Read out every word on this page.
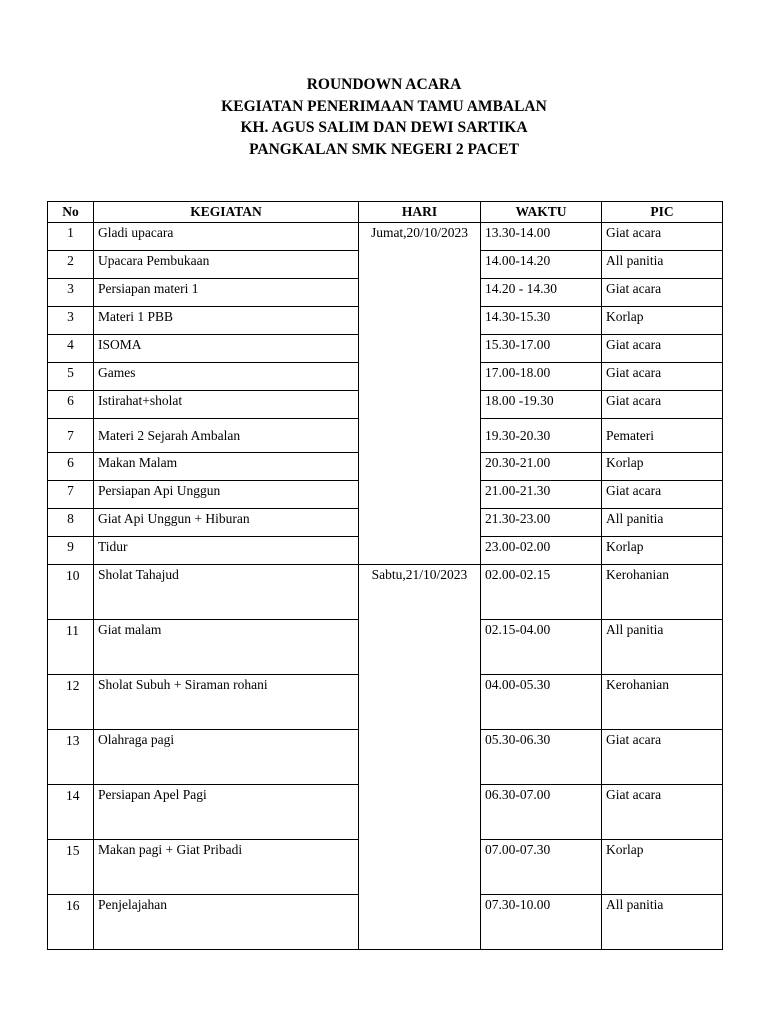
ROUNDOWN ACARA
KEGIATAN PENERIMAAN TAMU AMBALAN
KH. AGUS SALIM DAN DEWI SARTIKA
PANGKALAN SMK NEGERI 2 PACET
No	KEGIATAN	HARI	WAKTU	PIC
1	Gladi upacara	Jumat,20/10/2023	13.30-14.00	Giat acara
2	Upacara Pembukaan		14.00-14.20	All panitia
3	Persiapan materi 1		14.20 - 14.30	Giat acara
3	Materi 1 PBB		14.30-15.30	Korlap
4	ISOMA		15.30-17.00	Giat acara
5	Games		17.00-18.00	Giat acara
6	Istirahat+sholat		18.00 -19.30	Giat acara
7	Materi 2 Sejarah Ambalan		19.30-20.30	Pemateri
6	Makan Malam		20.30-21.00	Korlap
7	Persiapan Api Unggun		21.00-21.30	Giat acara
8	Giat Api Unggun + Hiburan		21.30-23.00	All panitia
9	Tidur		23.00-02.00	Korlap
10	Sholat Tahajud	Sabtu,21/10/2023	02.00-02.15	Kerohanian
11	Giat malam		02.15-04.00	All panitia
12	Sholat Subuh + Siraman rohani		04.00-05.30	Kerohanian
13	Olahraga pagi		05.30-06.30	Giat acara
14	Persiapan Apel Pagi		06.30-07.00	Giat acara
15	Makan pagi + Giat Pribadi		07.00-07.30	Korlap
16	Penjelajahan		07.30-10.00	All panitia
